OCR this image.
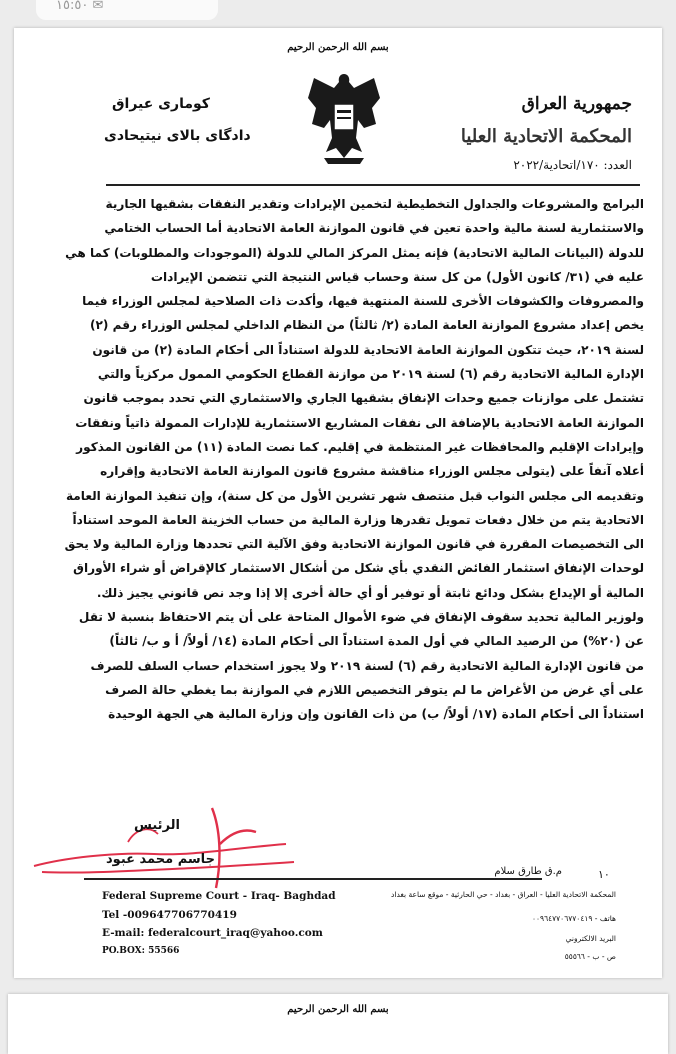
١٥:٥٠ ✉
بسم الله الرحمن الرحيم
جمهورية العراق
المحكمة الاتحادية العليا
العدد: ١٧٠/اتحادية/٢٠٢٢
كومارى عيراق
دادگای بالای نیتیحادی

البرامج والمشروعات والجداول التخطيطية لتخمين الإيرادات وتقدير النفقات بشقيها الجارية

والاستثمارية لسنة مالية واحدة تعين في قانون الموازنة العامة الاتحادية أما الحساب الختامي

للدولة (البيانات المالية الاتحادية) فإنه يمثل المركز المالي للدولة (الموجودات والمطلوبات) كما هي

عليه في (٣١/ كانون الأول) من كل سنة وحساب قياس النتيجة التي تتضمن الإيرادات

والمصروفات والكشوفات الأخرى للسنة المنتهية فيها، وأكدت ذات الصلاحية لمجلس الوزراء فيما

يخص إعداد مشروع الموازنة العامة المادة (٢/ ثالثاً) من النظام الداخلي لمجلس الوزراء رقم (٢)

لسنة ٢٠١٩، حيث تتكون الموازنة العامة الاتحادية للدولة استناداً الى أحكام المادة (٢) من قانون

الإدارة المالية الاتحادية رقم (٦) لسنة ٢٠١٩ من موازنة القطاع الحكومي الممول مركزياً والتي

تشتمل على موازنات جميع وحدات الإنفاق بشقيها الجاري والاستثماري التي تحدد بموجب قانون

الموازنة العامة الاتحادية بالإضافة الى نفقات المشاريع الاستثمارية للإدارات الممولة ذاتياً ونفقات

وإيرادات الإقليم والمحافظات غير المنتظمة في إقليم. كما نصت المادة (١١) من القانون المذكور

أعلاه آنفاً على (يتولى مجلس الوزراء مناقشة مشروع قانون الموازنة العامة الاتحادية وإقراره

وتقديمه الى مجلس النواب قبل منتصف شهر تشرين الأول من كل سنة)، وإن تنفيذ الموازنة العامة

الاتحادية يتم من خلال دفعات تمويل تقدرها وزارة المالية من حساب الخزينة العامة الموحد استناداً

الى التخصيصات المقررة في قانون الموازنة الاتحادية وفق الآلية التي تحددها وزارة المالية ولا يحق

لوحدات الإنفاق استثمار الفائض النقدي بأي شكل من أشكال الاستثمار كالإقراض أو شراء الأوراق

المالية أو الإيداع بشكل ودائع ثابتة أو توفير أو أي حالة أخرى إلا إذا وجد نص قانوني يجيز ذلك.

ولوزير المالية تحديد سقوف الإنفاق في ضوء الأموال المتاحة على أن يتم الاحتفاظ بنسبة لا تقل

عن (٢٠%) من الرصيد المالي في أول المدة استناداً الى أحكام المادة (١٤/ أولاً/ أ و ب/ ثالثاً)

من قانون الإدارة المالية الاتحادية رقم (٦) لسنة ٢٠١٩ ولا يجوز استخدام حساب السلف للصرف

على أي غرض من الأغراض ما لم يتوفر التخصيص اللازم في الموازنة بما يغطي حالة الصرف

استناداً الى أحكام المادة (١٧/ أولاً/ ب) من ذات القانون وإن وزارة المالية هي الجهة الوحيدة

الرئيس
جاسم محمد عبود
١٠
م.ق طارق سلام
Federal Supreme Court - Iraq- Baghdad
Tel -009647706770419
E-mail: federalcourt_iraq@yahoo.com
PO.BOX: 55566
المحكمة الاتحادية العليا - العراق - بغداد - حي الحارثية - موقع ساعة بغداد
هاتف - ٠٠٩٦٤٧٧٠٦٧٧٠٤١٩
البريد الالكتروني
ص - ب - ٥٥٥٦٦
بسم الله الرحمن الرحيم
